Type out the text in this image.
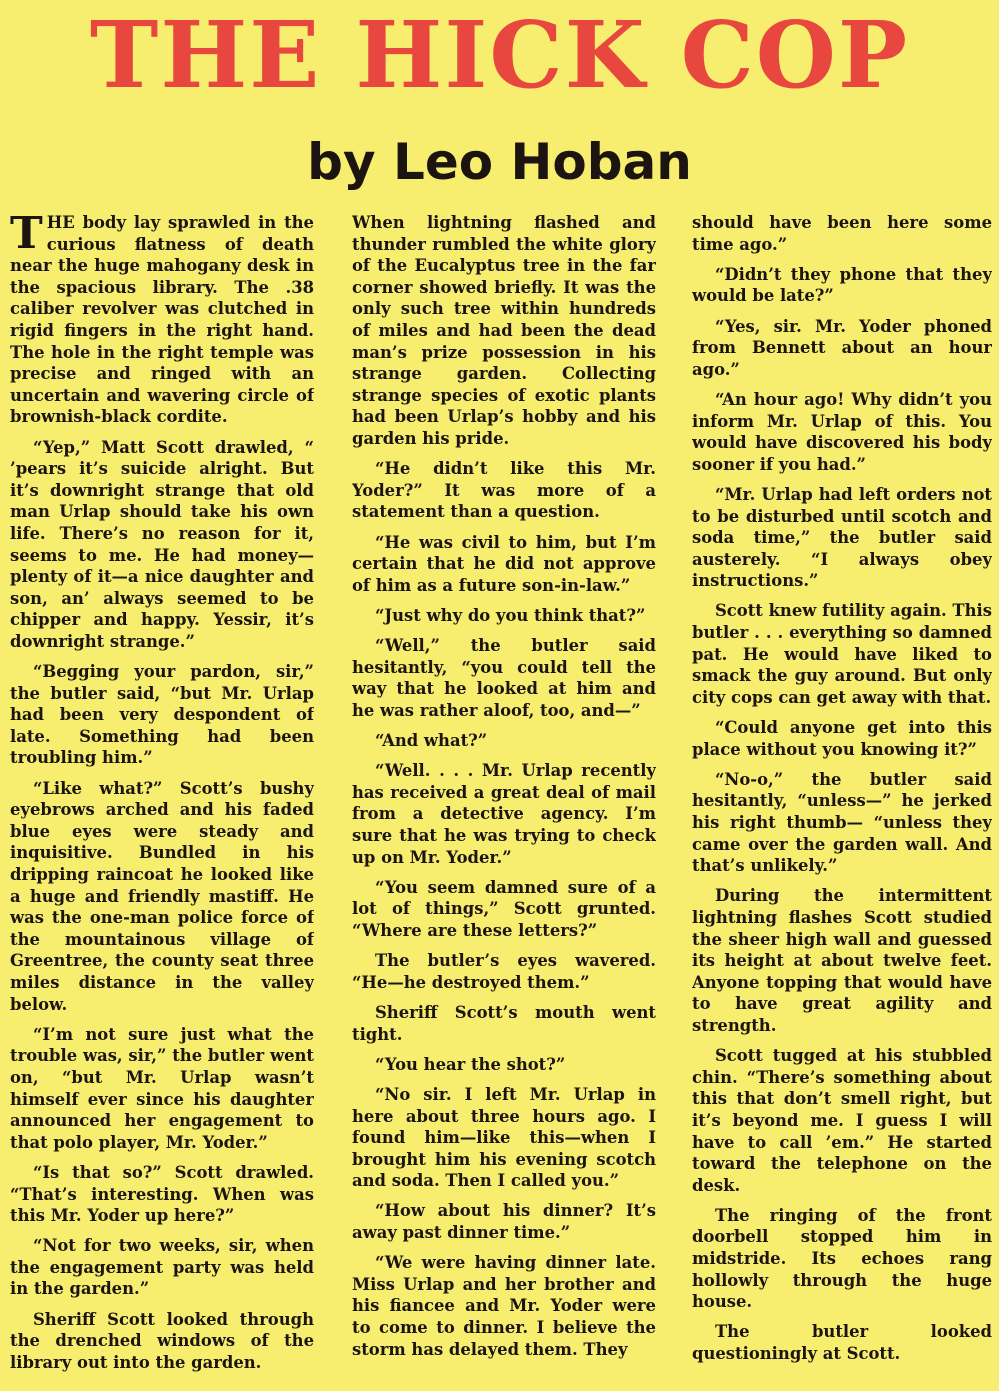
THE HICK COP
by Leo Hoban

THE body lay sprawled in the curious flatness of death near the huge mahogany desk in the spacious library. The .38 caliber revolver was clutched in rigid fingers in the right hand. The hole in the right temple was precise and ringed with an uncertain and wavering circle of brownish-black cordite.

“Yep,” Matt Scott drawled, “ ’pears it’s suicide alright. But it’s downright strange that old man Urlap should take his own life. There’s no reason for it, seems to me. He had money—plenty of it—a nice daughter and son, an’ always seemed to be chipper and happy. Yessir, it’s downright strange.”

“Begging your pardon, sir,” the butler said, “but Mr. Urlap had been very despondent of late. Something had been troubling him.”

“Like what?” Scott’s bushy eyebrows arched and his faded blue eyes were steady and inquisitive. Bundled in his dripping raincoat he looked like a huge and friendly mastiff. He was the one-man police force of the mountainous village of Greentree, the county seat three miles distance in the valley below.

“I’m not sure just what the trouble was, sir,” the butler went on, “but Mr. Urlap wasn’t himself ever since his daughter announced her engagement to that polo player, Mr. Yoder.”

“Is that so?” Scott drawled. “That’s interesting. When was this Mr. Yoder up here?”

“Not for two weeks, sir, when the engagement party was held in the garden.”

Sheriff Scott looked through the drenched windows of the library out into the garden.

When lightning flashed and thunder rumbled the white glory of the Eucalyptus tree in the far corner showed briefly. It was the only such tree within hundreds of miles and had been the dead man’s prize possession in his strange garden. Collecting strange species of exotic plants had been Urlap’s hobby and his garden his pride.

“He didn’t like this Mr. Yoder?” It was more of a statement than a question.

“He was civil to him, but I’m certain that he did not approve of him as a future son-in-law.”

“Just why do you think that?”

“Well,” the butler said hesitantly, “you could tell the way that he looked at him and he was rather aloof, too, and—”

“And what?”

“Well. . . . Mr. Urlap recently has received a great deal of mail from a detective agency. I’m sure that he was trying to check up on Mr. Yoder.”

“You seem damned sure of a lot of things,” Scott grunted. “Where are these letters?”

The butler’s eyes wavered. “He—he destroyed them.”

Sheriff Scott’s mouth went tight.

“You hear the shot?”

“No sir. I left Mr. Urlap in here about three hours ago. I found him—like this—when I brought him his evening scotch and soda. Then I called you.”

“How about his dinner? It’s away past dinner time.”

“We were having dinner late. Miss Urlap and her brother and his fiancee and Mr. Yoder were to come to dinner. I believe the storm has delayed them. They

should have been here some time ago.”

“Didn’t they phone that they would be late?”

“Yes, sir. Mr. Yoder phoned from Bennett about an hour ago.”

“An hour ago! Why didn’t you inform Mr. Urlap of this. You would have discovered his body sooner if you had.”

“Mr. Urlap had left orders not to be disturbed until scotch and soda time,” the butler said austerely. “I always obey instructions.”

Scott knew futility again. This butler . . . everything so damned pat. He would have liked to smack the guy around. But only city cops can get away with that.

“Could anyone get into this place without you knowing it?”

“No-o,” the butler said hesitantly, “unless—” he jerked his right thumb— “unless they came over the garden wall. And that’s unlikely.”

During the intermittent lightning flashes Scott studied the sheer high wall and guessed its height at about twelve feet. Anyone topping that would have to have great agility and strength.

Scott tugged at his stubbled chin. “There’s something about this that don’t smell right, but it’s beyond me. I guess I will have to call ’em.” He started toward the telephone on the desk.

The ringing of the front doorbell stopped him in midstride. Its echoes rang hollowly through the huge house.

The butler looked questioningly at Scott.
